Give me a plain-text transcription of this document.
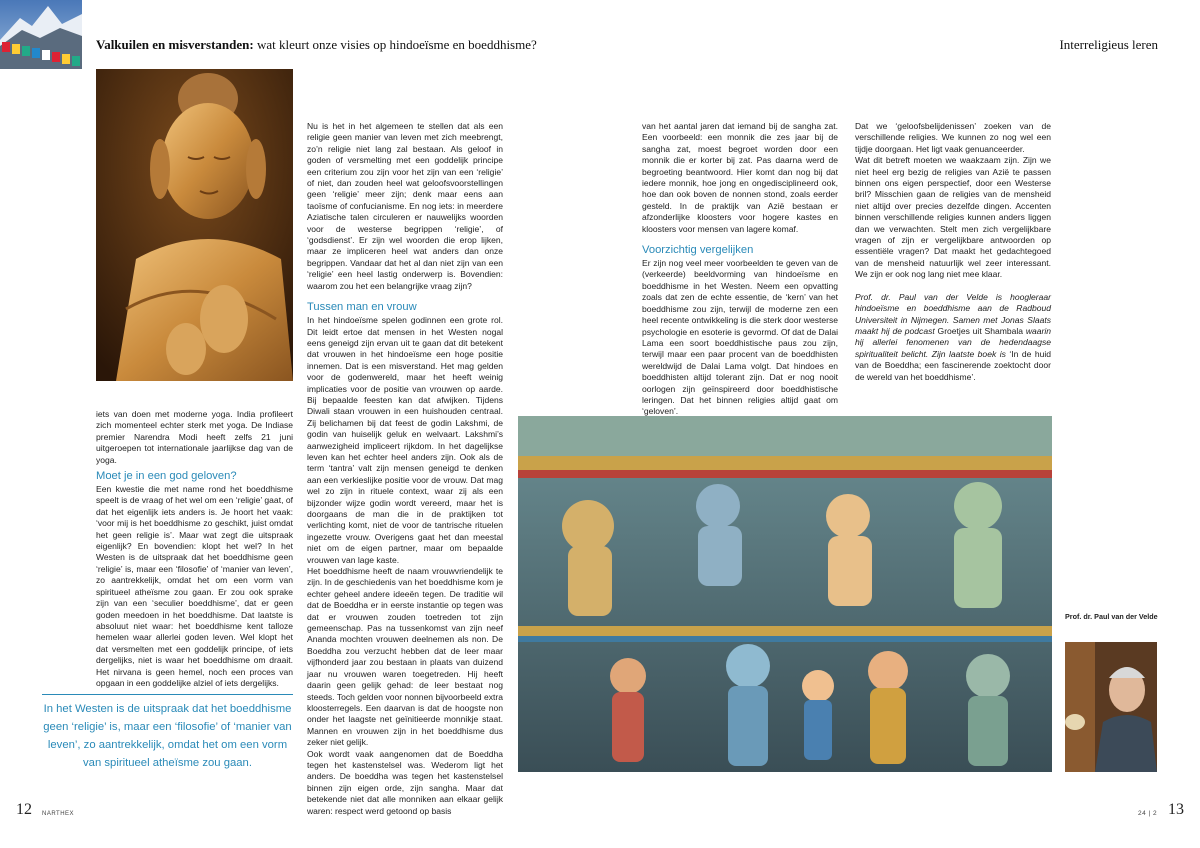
Valkuilen en misverstanden: wat kleurt onze visies op hindoeïsme en boeddhisme?	Interreligieus leren

iets van doen met moderne yoga. India profileert zich momenteel echter sterk met yoga. De Indiase premier Narendra Modi heeft zelfs 21 juni uitgeroepen tot internationale jaarlijkse dag van de yoga.

Moet je in een god geloven?

Een kwestie die met name rond het boeddhisme speelt is de vraag of het wel om een ‘religie’ gaat, of dat het eigenlijk iets anders is. Je hoort het vaak: ‘voor mij is het boeddhisme zo geschikt, juist omdat het geen religie is’. Maar wat zegt die uitspraak eigenlijk? En bovendien: klopt het wel? In het Westen is de uitspraak dat het boeddhisme geen ‘religie’ is, maar een ‘filosofie’ of ‘manier van leven’, zo aantrekkelijk, omdat het om een vorm van spiritueel atheïsme zou gaan. Er zou ook sprake zijn van een ‘seculier boeddhisme’, dat er geen goden meedoen in het boeddhisme. Dat laatste is absoluut niet waar: het boeddhisme kent talloze hemelen waar allerlei goden leven. Wel klopt het dat versmelten met een goddelijk principe, of iets dergelijks, niet is waar het boeddhisme om draait. Het nirvana is geen hemel, noch een proces van opgaan in een goddelijke alziel of iets dergelijks.

In het Westen is de uitspraak dat het boeddhisme geen ‘religie’ is, maar een ‘filosofie’ of ‘manier van leven’, zo aantrekkelijk, omdat het om een vorm van spiritueel atheïsme zou gaan.

Nu is het in het algemeen te stellen dat als een religie geen manier van leven met zich meebrengt, zo’n religie niet lang zal bestaan. Als geloof in goden of versmelting met een goddelijk principe een criterium zou zijn voor het zijn van een ‘religie’ of niet, dan zouden heel wat geloofsvoorstellingen geen ‘religie’ meer zijn; denk maar eens aan taoïsme of confucianisme. En nog iets: in meerdere Aziatische talen circuleren er nauwelijks woorden voor de westerse begrippen ‘religie’, of ‘godsdienst’. Er zijn wel woorden die erop lijken, maar ze impliceren heel wat anders dan onze begrippen. Vandaar dat het al dan niet zijn van een ‘religie’ een heel lastig onderwerp is. Bovendien: waarom zou het een belangrijke vraag zijn?

Tussen man en vrouw

In het hindoeïsme spelen godinnen een grote rol. Dit leidt ertoe dat mensen in het Westen nogal eens geneigd zijn ervan uit te gaan dat dit betekent dat vrouwen in het hindoeïsme een hoge positie innemen. Dat is een misverstand. Het mag gelden voor de godenwereld, maar het heeft weinig implicaties voor de positie van vrouwen op aarde. Bij bepaalde feesten kan dat afwijken. Tijdens Diwali staan vrouwen in een huishouden centraal. Zij belichamen bij dat feest de godin Lakshmi, de godin van huiselijk geluk en welvaart. Lakshmi’s aanwezigheid impliceert rijkdom. In het dagelijkse leven kan het echter heel anders zijn. Ook als de term ‘tantra’ valt zijn mensen geneigd te denken aan een verkieslijke positie voor de vrouw. Dat mag wel zo zijn in rituele context, waar zij als een bijzonder wijze godin wordt vereerd, maar het is doorgaans de man die in de praktijken tot verlichting komt, niet de voor de tantrische rituelen ingezette vrouw. Overigens gaat het dan meestal niet om de eigen partner, maar om bepaalde vrouwen van lage kaste.

Het boeddhisme heeft de naam vrouwvriendelijk te zijn. In de geschiedenis van het boeddhisme kom je echter geheel andere ideeën tegen. De traditie wil dat de Boeddha er in eerste instantie op tegen was dat er vrouwen zouden toetreden tot zijn gemeenschap. Pas na tussenkomst van zijn neef Ananda mochten vrouwen deelnemen als non. De Boeddha zou verzucht hebben dat de leer maar vijfhonderd jaar zou bestaan in plaats van duizend jaar nu vrouwen waren toegetreden. Hij heeft daarin geen gelijk gehad: de leer bestaat nog steeds. Toch gelden voor nonnen bijvoorbeeld extra kloosterregels. Een daarvan is dat de hoogste non onder het laagste net geïnitieerde monnikje staat. Mannen en vrouwen zijn in het boeddhisme dus zeker niet gelijk.

Ook wordt vaak aangenomen dat de Boeddha tegen het kastenstelsel was. Wederom ligt het anders. De boeddha was tegen het kastenstelsel binnen zijn eigen orde, zijn sangha. Maar dat betekende niet dat alle monniken aan elkaar gelijk waren: respect werd getoond op basis

van het aantal jaren dat iemand bij de sangha zat. Een voorbeeld: een monnik die zes jaar bij de sangha zat, moest begroet worden door een monnik die er korter bij zat. Pas daarna werd de begroeting beantwoord. Hier komt dan nog bij dat iedere monnik, hoe jong en ongedisciplineerd ook, hoe dan ook boven de nonnen stond, zoals eerder gesteld. In de praktijk van Azië bestaan er afzonderlijke kloosters voor hogere kastes en kloosters voor mensen van lagere komaf.

Voorzichtig vergelijken

Er zijn nog veel meer voorbeelden te geven van de (verkeerde) beeldvorming van hindoeïsme en boeddhisme in het Westen. Neem een opvatting zoals dat zen de echte essentie, de ‘kern’ van het boeddhisme zou zijn, terwijl de moderne zen een heel recente ontwikkeling is die sterk door westerse psychologie en esoterie is gevormd. Of dat de Dalai Lama een soort boeddhistische paus zou zijn, terwijl maar een paar procent van de boeddhisten wereldwijd de Dalai Lama volgt. Dat hindoes en boeddhisten altijd tolerant zijn. Dat er nog nooit oorlogen zijn geïnspireerd door boeddhistische leringen. Dat het binnen religies altijd gaat om ‘geloven’.

Dat we ‘geloofsbelijdenissen’ zoeken van de verschillende religies. We kunnen zo nog wel een tijdje doorgaan. Het ligt vaak genuanceerder.

Wat dit betreft moeten we waakzaam zijn. Zijn we niet heel erg bezig de religies van Azië te passen binnen ons eigen perspectief, door een Westerse bril? Misschien gaan de religies van de mensheid niet altijd over precies dezelfde dingen. Accenten binnen verschillende religies kunnen anders liggen dan we verwachten. Stelt men zich vergelijkbare vragen of zijn er vergelijkbare antwoorden op essentiële vragen? Dat maakt het gedachtegoed van de mensheid natuurlijk wel zeer interessant. We zijn er ook nog lang niet mee klaar.

Prof. dr. Paul van der Velde is hoogleraar hindoeïsme en boeddhisme aan de Radboud Universiteit in Nijmegen. Samen met Jonas Slaats maakt hij de podcast Groetjes uit Shambala waarin hij allerlei fenomenen van de hedendaagse spiritualiteit belicht. Zijn laatste boek is ‘In de huid van de Boeddha; een fascinerende zoektocht door de wereld van het boeddhisme’.

Prof. dr. Paul van der Velde
12 NARTHEX	24 | 2 13
